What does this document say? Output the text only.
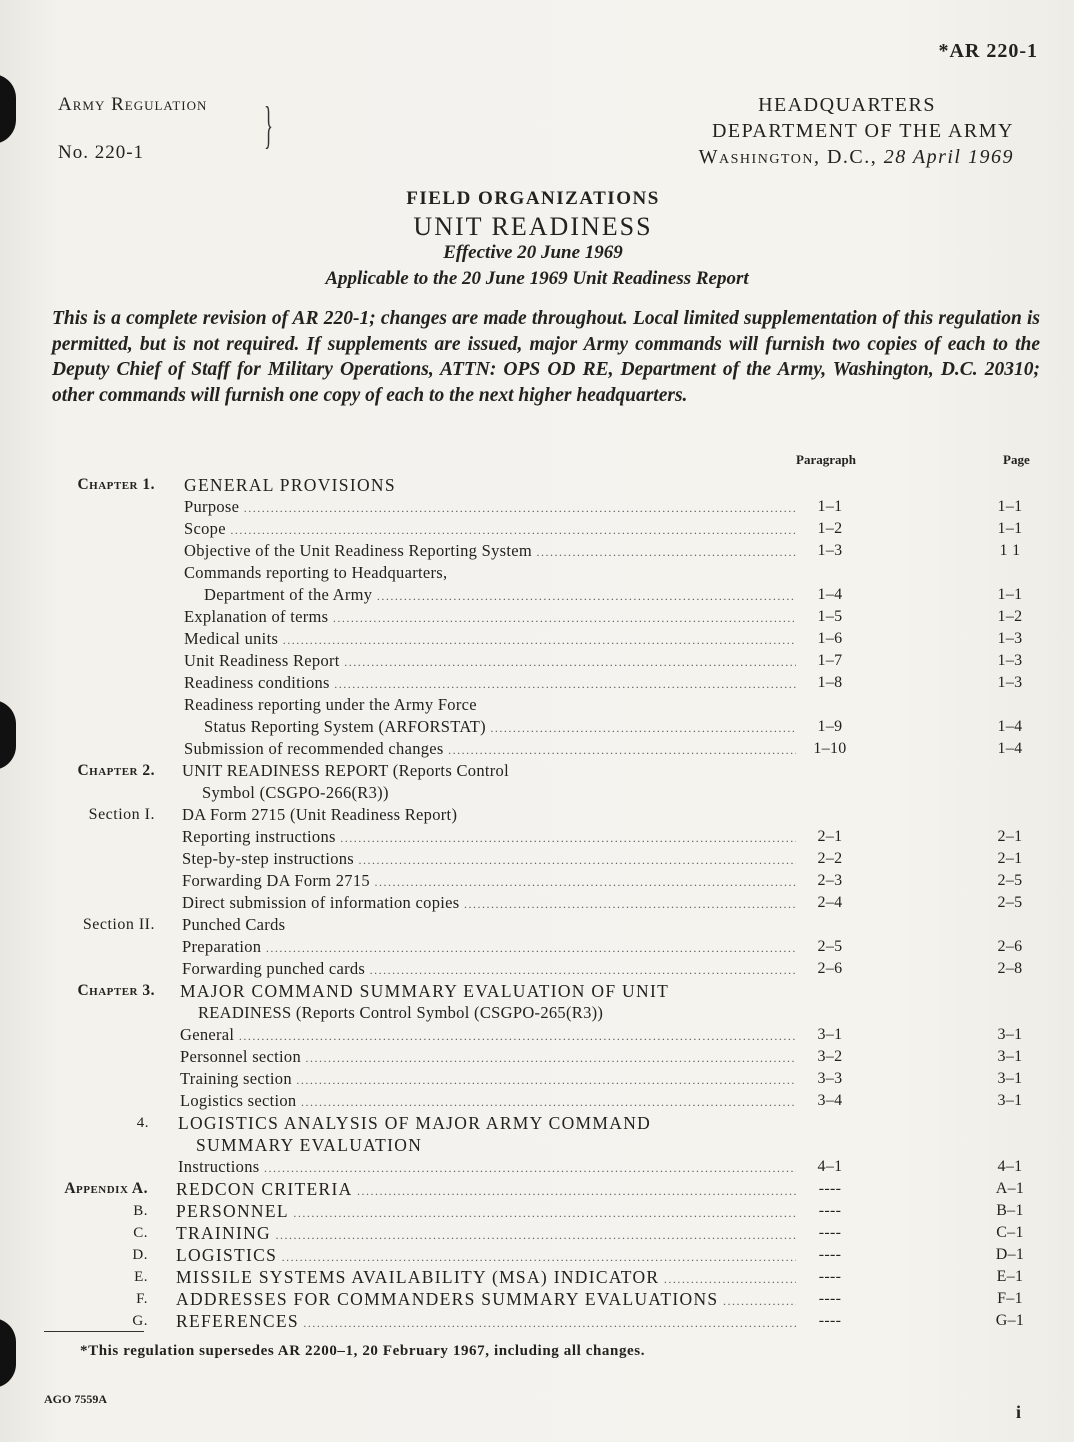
*AR 220-1
Army Regulation
No. 220-1	}	HEADQUARTERS
DEPARTMENT OF THE ARMY
Washington, D.C., 28 April 1969
FIELD ORGANIZATIONS
UNIT READINESS
Effective 20 June 1969
Applicable to the 20 June 1969 Unit Readiness Report
This is a complete revision of AR 220-1; changes are made throughout. Local limited supplementation of this regulation is permitted, but is not required. If supplements are issued, major Army commands will furnish two copies of each to the Deputy Chief of Staff for Military Operations, ATTN: OPS OD RE, Department of the Army, Washington, D.C. 20310; other commands will furnish one copy of each to the next higher headquarters.
Paragraph	Page
Chapter 1. GENERAL PROVISIONS
Purpose .....	1–1	1–1
Scope .....	1–2	1–1
Objective of the Unit Readiness Reporting System .....	1–3	1 1
Commands reporting to Headquarters,
Department of the Army .....	1–4	1–1
Explanation of terms .....	1–5	1–2
Medical units .....	1–6	1–3
Unit Readiness Report .....	1–7	1–3
Readiness conditions .....	1–8	1–3
Readiness reporting under the Army Force
Status Reporting System (ARFORSTAT) .....	1–9	1–4
Submission of recommended changes .....	1–10	1–4
Chapter 2. UNIT READINESS REPORT (Reports Control
Symbol (CSGPO-266(R3))
Section I. DA Form 2715 (Unit Readiness Report)
Reporting instructions .....	2–1	2–1
Step-by-step instructions .....	2–2	2–1
Forwarding DA Form 2715 .....	2–3	2–5
Direct submission of information copies .....	2–4	2–5
Section II. Punched Cards
Preparation .....	2–5	2–6
Forwarding punched cards .....	2–6	2–8
Chapter 3. MAJOR COMMAND SUMMARY EVALUATION OF UNIT
READINESS (Reports Control Symbol (CSGPO-265(R3))
General .....	3–1	3–1
Personnel section .....	3–2	3–1
Training section .....	3–3	3–1
Logistics section .....	3–4	3–1
4. LOGISTICS ANALYSIS OF MAJOR ARMY COMMAND
SUMMARY EVALUATION
Instructions .....	4–1	4–1
Appendix A. REDCON CRITERIA .....	----	A–1
B. PERSONNEL .....	----	B–1
C. TRAINING .....	----	C–1
D. LOGISTICS .....	----	D–1
E. MISSILE SYSTEMS AVAILABILITY (MSA) INDICATOR .....	----	E–1
F. ADDRESSES FOR COMMANDERS SUMMARY EVALUATIONS .....	----	F–1
G. REFERENCES .....	----	G–1
*This regulation supersedes AR 2200–1, 20 February 1967, including all changes.
AGO 7559A
i
